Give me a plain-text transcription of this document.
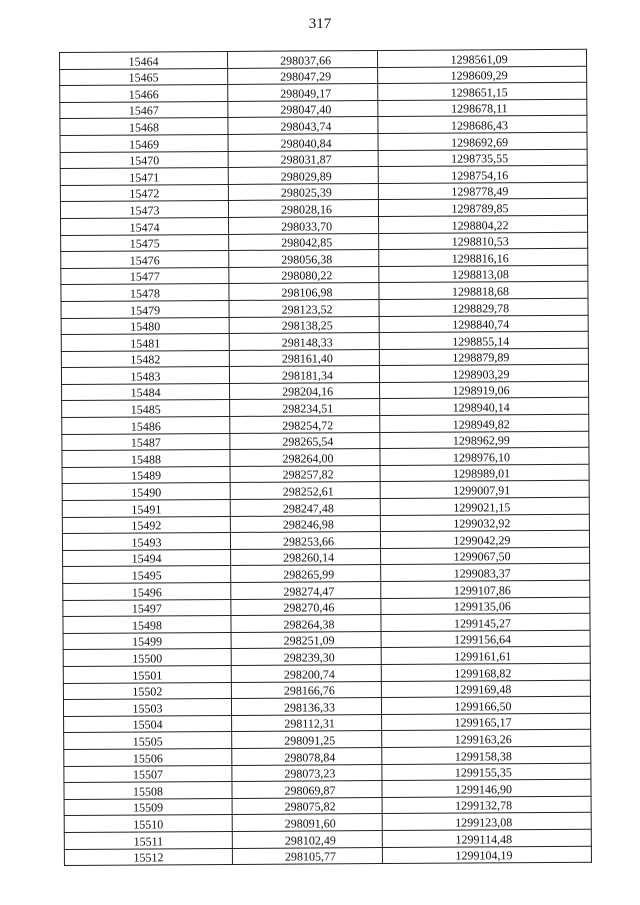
317
15464	298037,66	1298561,09
15465	298047,29	1298609,29
15466	298049,17	1298651,15
15467	298047,40	1298678,11
15468	298043,74	1298686,43
15469	298040,84	1298692,69
15470	298031,87	1298735,55
15471	298029,89	1298754,16
15472	298025,39	1298778,49
15473	298028,16	1298789,85
15474	298033,70	1298804,22
15475	298042,85	1298810,53
15476	298056,38	1298816,16
15477	298080,22	1298813,08
15478	298106,98	1298818,68
15479	298123,52	1298829,78
15480	298138,25	1298840,74
15481	298148,33	1298855,14
15482	298161,40	1298879,89
15483	298181,34	1298903,29
15484	298204,16	1298919,06
15485	298234,51	1298940,14
15486	298254,72	1298949,82
15487	298265,54	1298962,99
15488	298264,00	1298976,10
15489	298257,82	1298989,01
15490	298252,61	1299007,91
15491	298247,48	1299021,15
15492	298246,98	1299032,92
15493	298253,66	1299042,29
15494	298260,14	1299067,50
15495	298265,99	1299083,37
15496	298274,47	1299107,86
15497	298270,46	1299135,06
15498	298264,38	1299145,27
15499	298251,09	1299156,64
15500	298239,30	1299161,61
15501	298200,74	1299168,82
15502	298166,76	1299169,48
15503	298136,33	1299166,50
15504	298112,31	1299165,17
15505	298091,25	1299163,26
15506	298078,84	1299158,38
15507	298073,23	1299155,35
15508	298069,87	1299146,90
15509	298075,82	1299132,78
15510	298091,60	1299123,08
15511	298102,49	1299114,48
15512	298105,77	1299104,19
